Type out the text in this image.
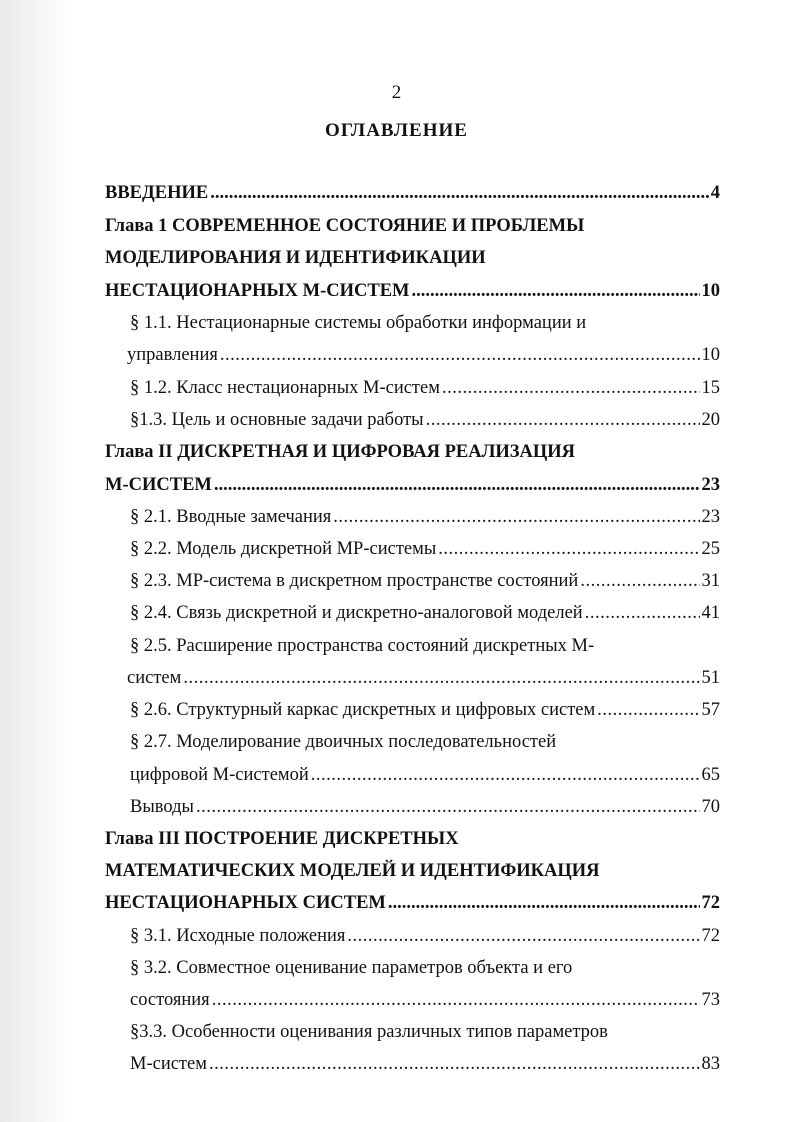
2
ОГЛАВЛЕНИЕ
ВВЕДЕНИЕ .....	4
Глава 1 СОВРЕМЕННОЕ СОСТОЯНИЕ И ПРОБЛЕМЫ
МОДЕЛИРОВАНИЯ И ИДЕНТИФИКАЦИИ
НЕСТАЦИОНАРНЫХ М-СИСТЕМ .....	10
§ 1.1. Нестационарные системы обработки информации и
управления .....	10
§ 1.2. Класс нестационарных М-систем .....	15
§1.3. Цель и основные задачи работы .....	20
Глава II ДИСКРЕТНАЯ И ЦИФРОВАЯ РЕАЛИЗАЦИЯ
М-СИСТЕМ .....	23
§ 2.1. Вводные замечания .....	23
§ 2.2. Модель дискретной МР-системы .....	25
§ 2.3. МР-система в дискретном пространстве состояний .....	31
§ 2.4. Связь дискретной и дискретно-аналоговой моделей .....	41
§ 2.5. Расширение пространства состояний дискретных М-
систем .....	51
§ 2.6. Структурный каркас дискретных и цифровых систем .....	57
§ 2.7. Моделирование двоичных последовательностей
цифровой М-системой .....	65
Выводы .....	70
Глава III ПОСТРОЕНИЕ ДИСКРЕТНЫХ
МАТЕМАТИЧЕСКИХ МОДЕЛЕЙ И ИДЕНТИФИКАЦИЯ
НЕСТАЦИОНАРНЫХ СИСТЕМ .....	72
§ 3.1. Исходные положения .....	72
§ 3.2. Совместное оценивание параметров объекта и его
состояния .....	73
§3.3. Особенности оценивания различных типов параметров
М-систем .....	83
